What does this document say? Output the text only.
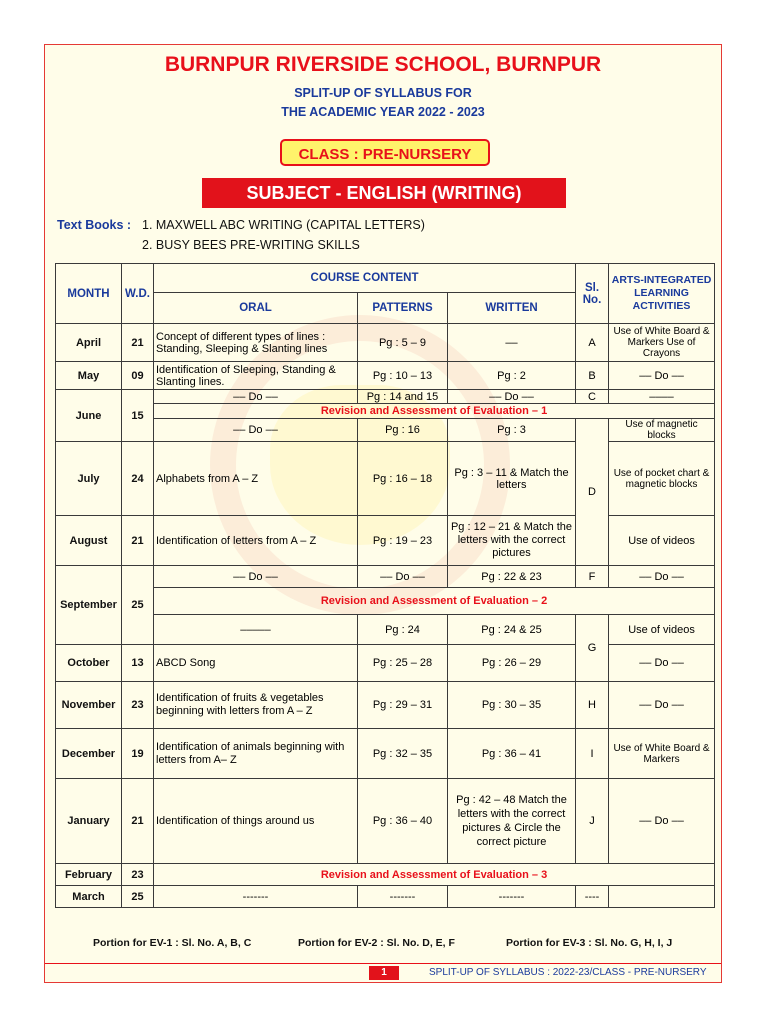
BURNPUR RIVERSIDE SCHOOL, BURNPUR
SPLIT-UP OF SYLLABUS FOR
THE ACADEMIC YEAR 2022 - 2023
CLASS : PRE-NURSERY
SUBJECT - ENGLISH (WRITING)
Text Books : 1. MAXWELL ABC WRITING (CAPITAL LETTERS)
2. BUSY BEES PRE-WRITING SKILLS
MONTH	W.D.	COURSE CONTENT			Sl. No.	ARTS-INTEGRATED LEARNING ACTIVITIES
		ORAL	PATTERNS	WRITTEN		
April	21	Concept of different types of lines : Standing, Sleeping & Slanting lines	Pg : 5 – 9	––	A	Use of White Board & Markers Use of Crayons
May	09	Identification of Sleeping, Standing & Slanting lines.	Pg : 10 – 13	Pg : 2	B	–– Do ––
June	15	–– Do ––	Pg : 14 and 15	–– Do ––	C	––––
		Revision and Assessment of Evaluation – 1				
		–– Do ––	Pg : 16	Pg : 3	D	Use of magnetic blocks
July	24	Alphabets from A – Z	Pg : 16 – 18	Pg : 3 – 11 & Match the letters		Use of pocket chart & magnetic blocks
August	21	Identification of letters from A – Z	Pg : 19 – 23	Pg : 12 – 21 & Match the letters with the correct pictures		Use of videos
September	25	–– Do ––	–– Do ––	Pg : 22 & 23	F	–– Do ––
		Revision and Assessment of Evaluation – 2				
		–––––	Pg : 24	Pg : 24 & 25	G	Use of videos
October	13	ABCD Song	Pg : 25 – 28	Pg : 26 – 29		–– Do ––
November	23	Identification of fruits & vegetables beginning with letters from A – Z	Pg : 29 – 31	Pg : 30 – 35	H	–– Do ––
December	19	Identification of animals beginning with letters from A– Z	Pg : 32 – 35	Pg : 36 – 41	I	Use of White Board & Markers
January	21	Identification of things around us	Pg : 36 – 40	Pg : 42 – 48 Match the letters with the correct pictures & Circle the correct picture	J	–– Do ––
February	23	Revision and Assessment of Evaluation – 3				
March	25	-------	-------	-------	----	
Portion for EV-1 : Sl. No. A, B, C	Portion for EV-2 : Sl. No. D, E, F	Portion for EV-3 : Sl. No. G, H, I, J
1	SPLIT-UP OF SYLLABUS : 2022-23/CLASS - PRE-NURSERY
